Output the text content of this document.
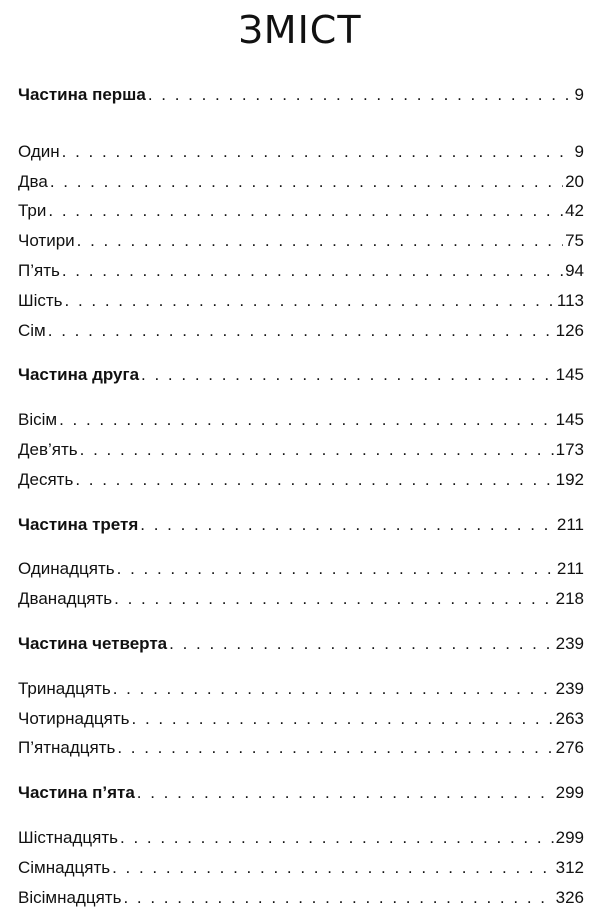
ЗМІСТ
Частина перша . . .	9
Один . . .	9
Два . . .	20
Три . . .	42
Чотири . . .	75
П’ять . . .	94
Шість . . .	113
Сім . . .	126
Частина друга . . .	145
Вісім . . .	145
Дев’ять . . .	173
Десять . . .	192
Частина третя . . .	211
Одинадцять . . .	211
Дванадцять . . .	218
Частина четверта . . .	239
Тринадцять . . .	239
Чотирнадцять . . .	263
П’ятнадцять . . .	276
Частина п’ята . . .	299
Шістнадцять . . .	299
Сімнадцять . . .	312
Вісімнадцять . . .	326
